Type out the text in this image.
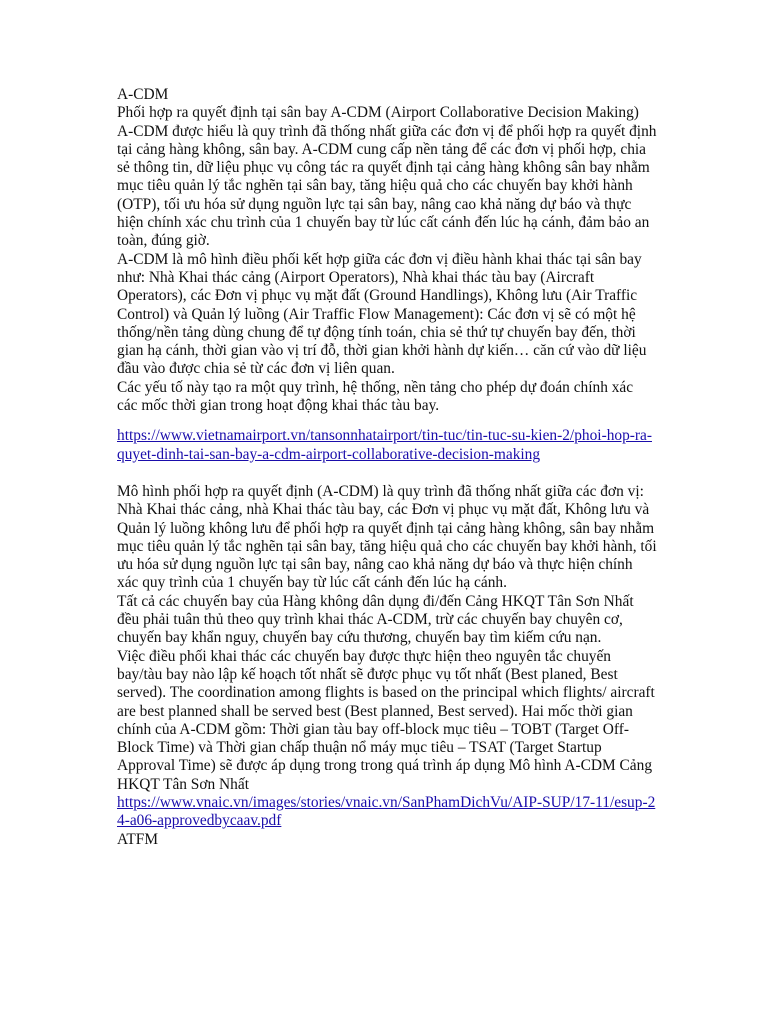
A-CDM

Phối hợp ra quyết định tại sân bay A-CDM (Airport Collaborative Decision Making)

A-CDM được hiểu là quy trình đã thống nhất giữa các đơn vị để phối hợp ra quyết định tại cảng hàng không, sân bay. A-CDM cung cấp nền tảng để các đơn vị phối hợp, chia sẻ thông tin, dữ liệu phục vụ công tác ra quyết định tại cảng hàng không sân bay nhằm mục tiêu quản lý tắc nghẽn tại sân bay, tăng hiệu quả cho các chuyến bay khởi hành (OTP), tối ưu hóa sử dụng nguồn lực tại sân bay, nâng cao khả năng dự báo và thực hiện chính xác chu trình của 1 chuyến bay từ lúc cất cánh đến lúc hạ cánh, đảm bảo an toàn, đúng giờ.

A-CDM là mô hình điều phối kết hợp giữa các đơn vị điều hành khai thác tại sân bay như: Nhà Khai thác cảng (Airport Operators), Nhà khai thác tàu bay (Aircraft Operators), các Đơn vị phục vụ mặt đất (Ground Handlings), Không lưu (Air Traffic Control) và Quản lý luồng (Air Traffic Flow Management): Các đơn vị sẽ có một hệ thống/nền tảng dùng chung để tự động tính toán, chia sẻ thứ tự chuyến bay đến, thời gian hạ cánh, thời gian vào vị trí đỗ, thời gian khởi hành dự kiến… căn cứ vào dữ liệu đầu vào được chia sẻ từ các đơn vị liên quan.

Các yếu tố này tạo ra một quy trình, hệ thống, nền tảng cho phép dự đoán chính xác các mốc thời gian trong hoạt động khai thác tàu bay.

https://www.vietnamairport.vn/tansonnhatairport/tin-tuc/tin-tuc-su-kien-2/phoi-hop-ra-quyet-dinh-tai-san-bay-a-cdm-airport-collaborative-decision-making

Mô hình phối hợp ra quyết định (A-CDM) là quy trình đã thống nhất giữa các đơn vị: Nhà Khai thác cảng, nhà Khai thác tàu bay, các Đơn vị phục vụ mặt đất, Không lưu và Quản lý luồng không lưu để phối hợp ra quyết định tại cảng hàng không, sân bay nhằm mục tiêu quản lý tắc nghẽn tại sân bay, tăng hiệu quả cho các chuyến bay khởi hành, tối ưu hóa sử dụng nguồn lực tại sân bay, nâng cao khả năng dự báo và thực hiện chính xác quy trình của 1 chuyến bay từ lúc cất cánh đến lúc hạ cánh.

Tất cả các chuyến bay của Hàng không dân dụng đi/đến Cảng HKQT Tân Sơn Nhất đều phải tuân thủ theo quy trình khai thác A-CDM, trừ các chuyến bay chuyên cơ, chuyến bay khẩn nguy, chuyến bay cứu thương, chuyến bay tìm kiếm cứu nạn.

Việc điều phối khai thác các chuyến bay được thực hiện theo nguyên tắc chuyến bay/tàu bay nào lập kế hoạch tốt nhất sẽ được phục vụ tốt nhất (Best planed, Best served). The coordination among flights is based on the principal which flights/ aircraft are best planned shall be served best (Best planned, Best served). Hai mốc thời gian chính của A-CDM gồm: Thời gian tàu bay off-block mục tiêu – TOBT (Target Off-Block Time) và Thời gian chấp thuận nổ máy mục tiêu – TSAT (Target Startup Approval Time) sẽ được áp dụng trong trong quá trình áp dụng Mô hình A-CDM Cảng HKQT Tân Sơn Nhất

https://www.vnaic.vn/images/stories/vnaic.vn/SanPhamDichVu/AIP-SUP/17-11/esup-24-a06-approvedbycaav.pdf

ATFM
